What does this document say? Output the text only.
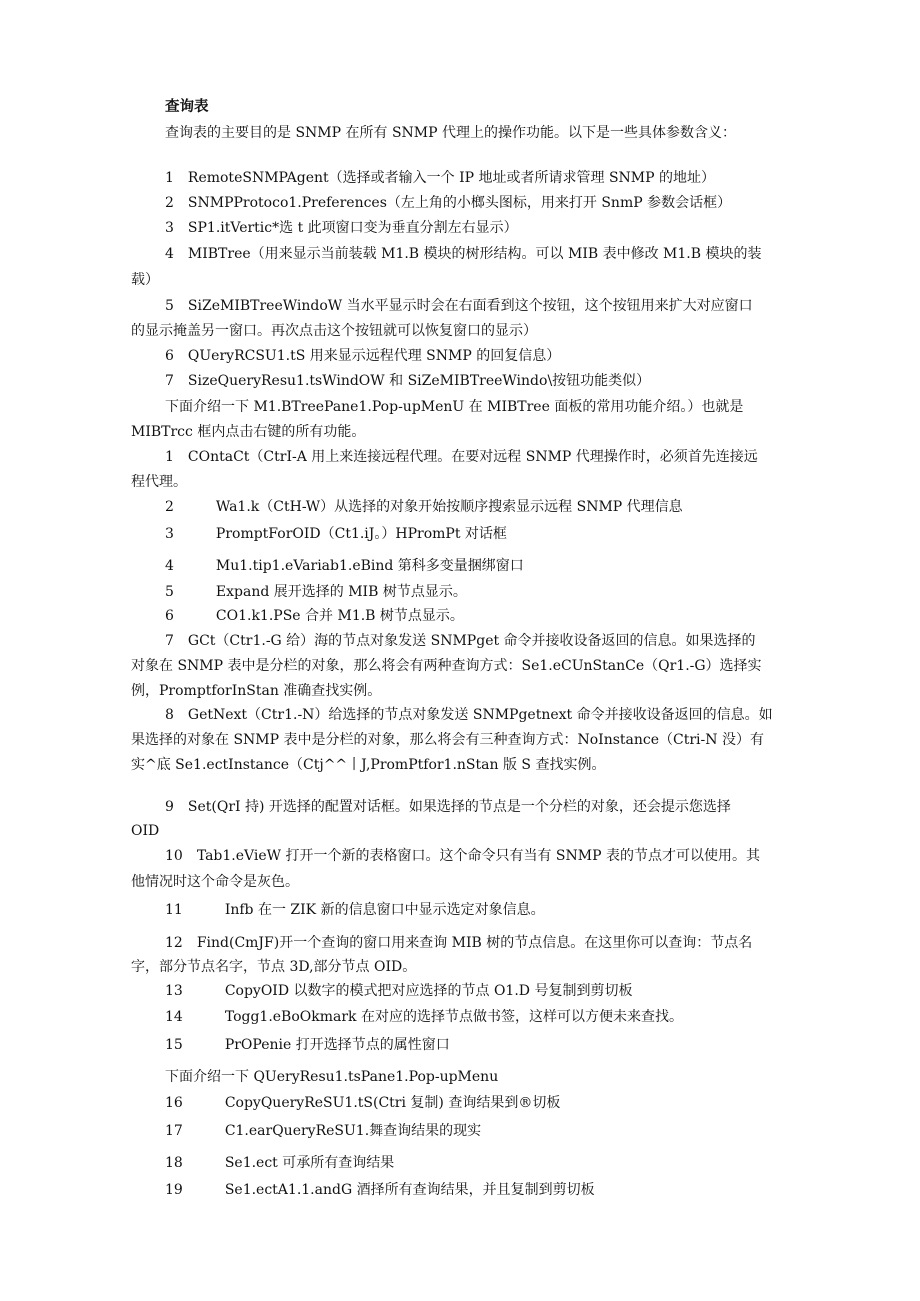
查询表

查询表的主要目的是 SNMP 在所有 SNMP 代理上的操作功能。以下是一些具体参数含义：

1　RemoteSNMPAgent（选择或者输入一个 IP 地址或者所请求管理 SNMP 的地址）

2　SNMPProtoco1.Preferences（左上角的小榔头图标，用来打开 SnmP 参数会话框）

3　SP1.itVertic*选 t 此项窗口变为垂直分割左右显示）

4　MIBTree（用来显示当前装载 M1.B 模块的树形结构。可以 MIB 表中修改 M1.B 模块的装

载）

5　SiZeMIBTreeWindoW 当水平显示时会在右面看到这个按钮，这个按钮用来扩大对应窗口

的显示掩盖另一窗口。再次点击这个按钮就可以恢复窗口的显示）

6　QUeryRCSU1.tS 用来显示远程代理 SNMP 的回复信息）

7　SizeQueryResu1.tsWindOW 和 SiZeMIBTreeWindo\按钮功能类似）

下面介绍一下 M1.BTreePane1.Pop-upMenU 在 MIBTree 面板的常用功能介绍。）也就是

MIBTrcc 框内点击右键的所有功能。

1　COntaCt（CtrI-A 用上来连接远程代理。在要对远程 SNMP 代理操作时，必须首先连接远

程代理。

2　　　Wa1.k（CtH-W）从选择的对象开始按顺序搜索显示远程 SNMP 代理信息

3　　　PromptForOID（Ct1.iJ。）HPromPt 对话框

4　　　Mu1.tip1.eVariab1.eBind 第科多变量捆绑窗口

5　　　Expand 展开选择的 MIB 树节点显示。

6　　　CO1.k1.PSe 合并 M1.B 树节点显示。

7　GCt（Ctr1.-G 给）海的节点对象发送 SNMPget 命令并接收设备返回的信息。如果选择的

对象在 SNMP 表中是分栏的对象，那么将会有两种查询方式：Se1.eCUnStanCe（Qr1.-G）选择实

例，PromptforInStan 准确查找实例。

8　GetNext（Ctr1.-N）给选择的节点对象发送 SNMPgetnext 命令并接收设备返回的信息。如

果选择的对象在 SNMP 表中是分栏的对象，那么将会有三种查询方式：NoInstance（Ctri-N 没）有

实^底 Se1.ectInstance（Ctj^^丨J,PromPtfor1.nStan 版 S 查找实例。

9　Set(QrI 持) 开选择的配置对话框。如果选择的节点是一个分栏的对象，还会提示您选择

OID

10　Tab1.eVieW 打开一个新的表格窗口。这个命令只有当有 SNMP 表的节点才可以使用。其

他情况时这个命令是灰色。

11　　　Infb 在一 ZIK 新的信息窗口中显示选定对象信息。

12　Find(CmJF)开一个查询的窗口用来查询 MIB 树的节点信息。在这里你可以查询：节点名

字，部分节点名字，节点 3D,部分节点 OID。

13　　　CopyOID 以数字的模式把对应选择的节点 O1.D 号复制到剪切板

14　　　Togg1.eBoOkmark 在对应的选择节点做书签，这样可以方便未来查找。

15　　　PrOPenie 打开选择节点的属性窗口

下面介绍一下 QUeryResu1.tsPane1.Pop-upMenu

16　　　CopyQueryReSU1.tS(Ctri 复制) 查询结果到®切板

17　　　C1.earQueryReSU1.舞查询结果的现实

18　　　Se1.ect 可承所有查询结果

19　　　Se1.ectA1.1.andG 酒择所有查询结果，并且复制到剪切板
